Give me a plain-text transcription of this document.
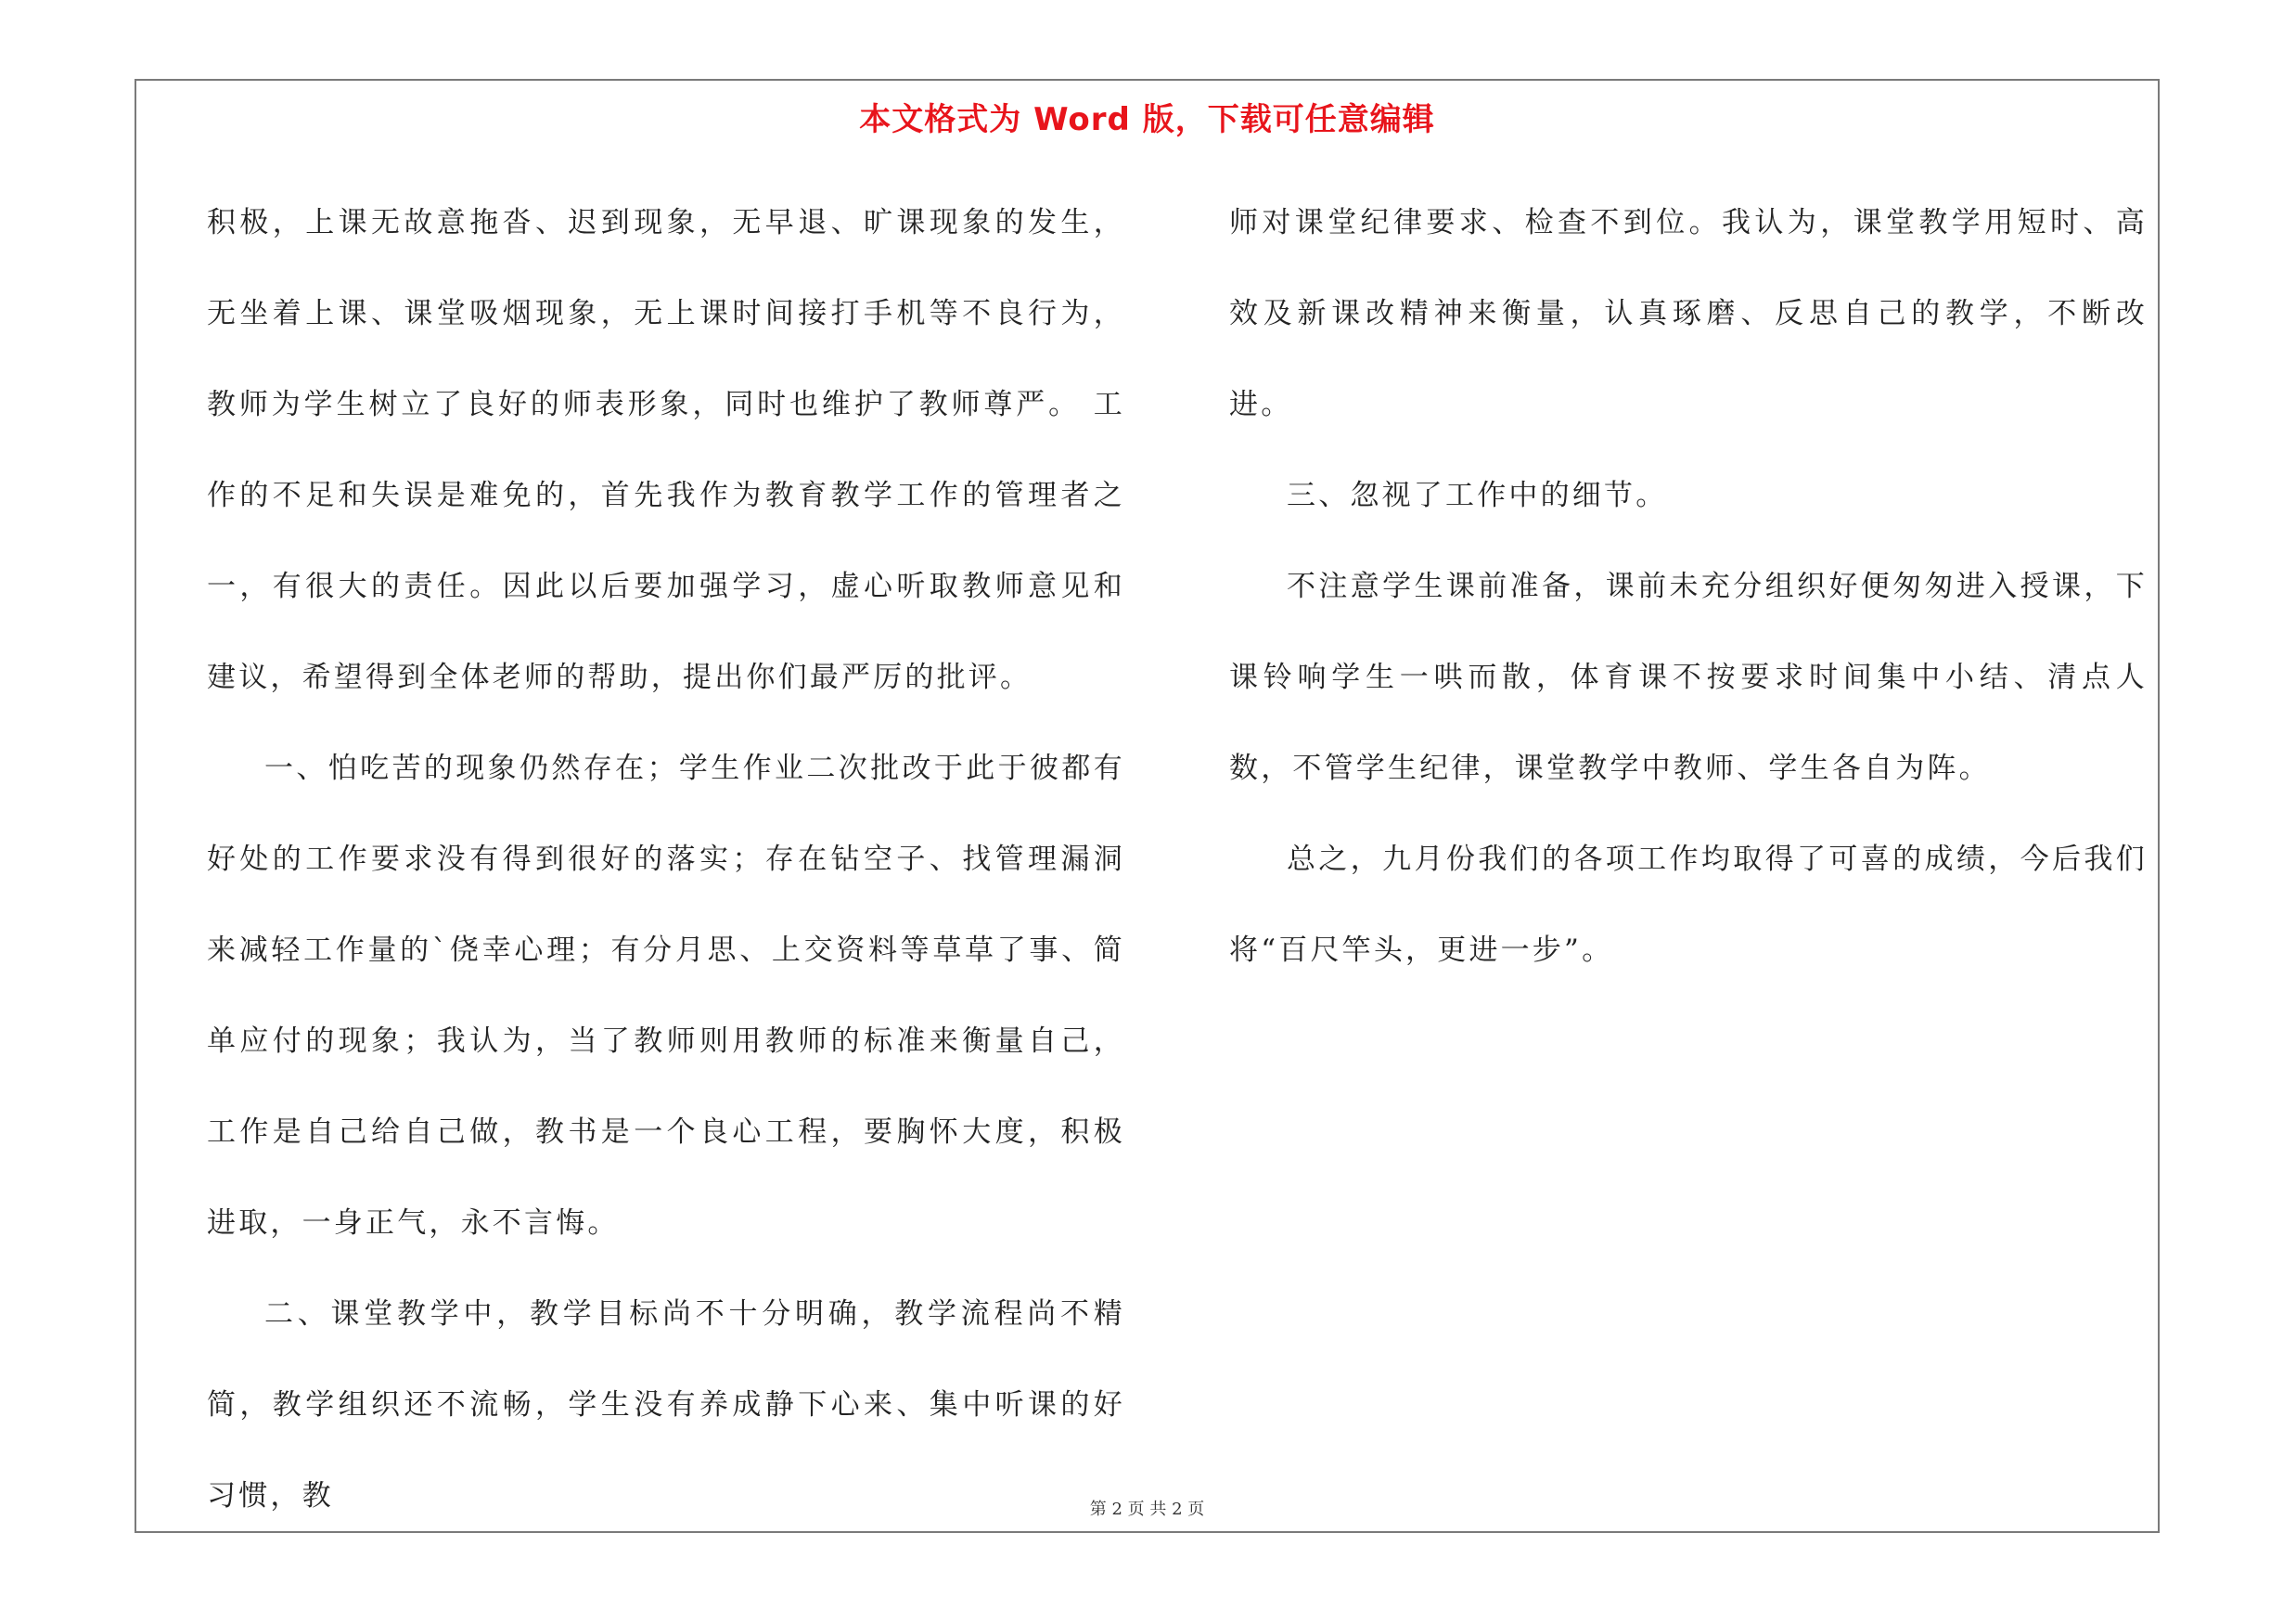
本文格式为 Word 版，下载可任意编辑

积极，上课无故意拖沓、迟到现象，无早退、旷课现象的发生，无坐着上课、课堂吸烟现象，无上课时间接打手机等不良行为，教师为学生树立了良好的师表形象，同时也维护了教师尊严。 工作的不足和失误是难免的，首先我作为教育教学工作的管理者之一，有很大的责任。因此以后要加强学习，虚心听取教师意见和建议，希望得到全体老师的帮助，提出你们最严厉的批评。

一、怕吃苦的现象仍然存在；学生作业二次批改于此于彼都有好处的工作要求没有得到很好的落实；存在钻空子、找管理漏洞来减轻工作量的`侥幸心理；有分月思、上交资料等草草了事、简单应付的现象；我认为，当了教师则用教师的标准来衡量自己，工作是自己给自己做，教书是一个良心工程，要胸怀大度，积极进取，一身正气，永不言悔。

二、课堂教学中，教学目标尚不十分明确，教学流程尚不精简，教学组织还不流畅，学生没有养成静下心来、集中听课的好习惯，教

师对课堂纪律要求、检查不到位。我认为，课堂教学用短时、高效及新课改精神来衡量，认真琢磨、反思自己的教学，不断改进。

三、忽视了工作中的细节。

不注意学生课前准备，课前未充分组织好便匆匆进入授课，下课铃响学生一哄而散，体育课不按要求时间集中小结、清点人数，不管学生纪律，课堂教学中教师、学生各自为阵。

总之，九月份我们的各项工作均取得了可喜的成绩，今后我们将“百尺竿头，更进一步”。

第 2 页 共 2 页
